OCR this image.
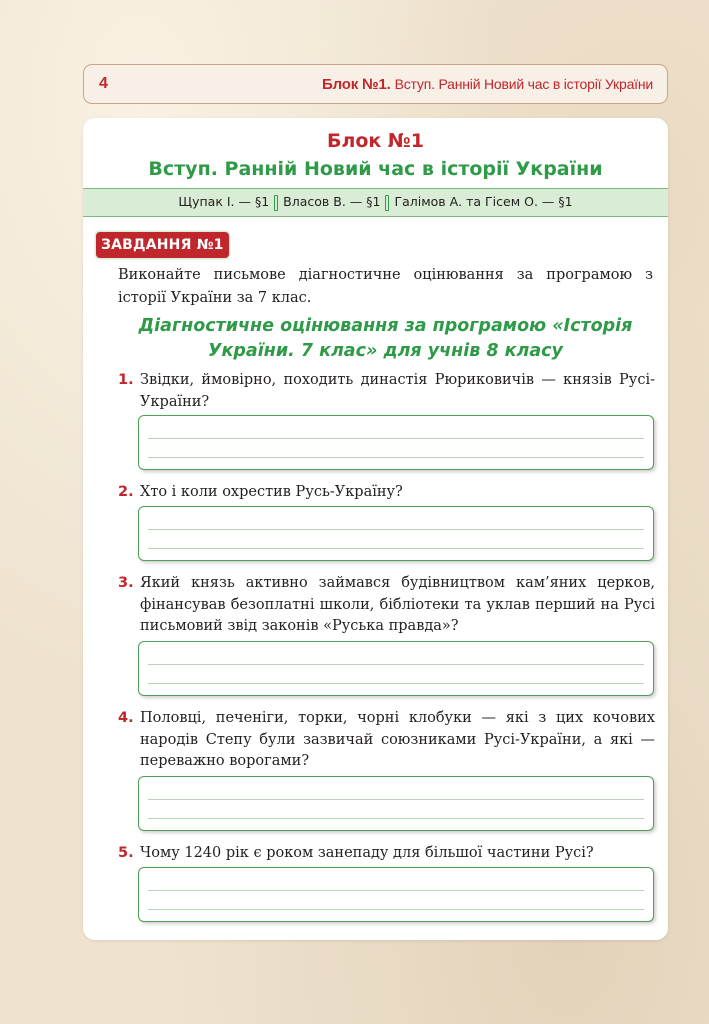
4	Блок №1. Вступ. Ранній Новий час в історії України
Блок №1
Вступ. Ранній Новий час в історії України
Щупак І. — §1 Власов В. — §1 Галімов А. та Гісем О. — §1
ЗАВДАННЯ №1
Виконайте письмове діагностичне оцінювання за програмою з історії України за 7 клас.
Діагностичне оцінювання за програмою «Історія України. 7 клас» для учнів 8 класу
1. Звідки, ймовірно, походить династія Рюриковичів — князів Русі-України?
2. Хто і коли охрестив Русь-Україну?
3. Який князь активно займався будівництвом кам’яних церков, фінансував безоплатні школи, бібліотеки та уклав перший на Русі письмовий звід законів «Руська правда»?
4. Половці, печеніги, торки, чорні клобуки — які з цих кочових народів Степу були зазвичай союзниками Русі-України, а які — переважно ворогами?
5. Чому 1240 рік є роком занепаду для більшої частини Русі?
